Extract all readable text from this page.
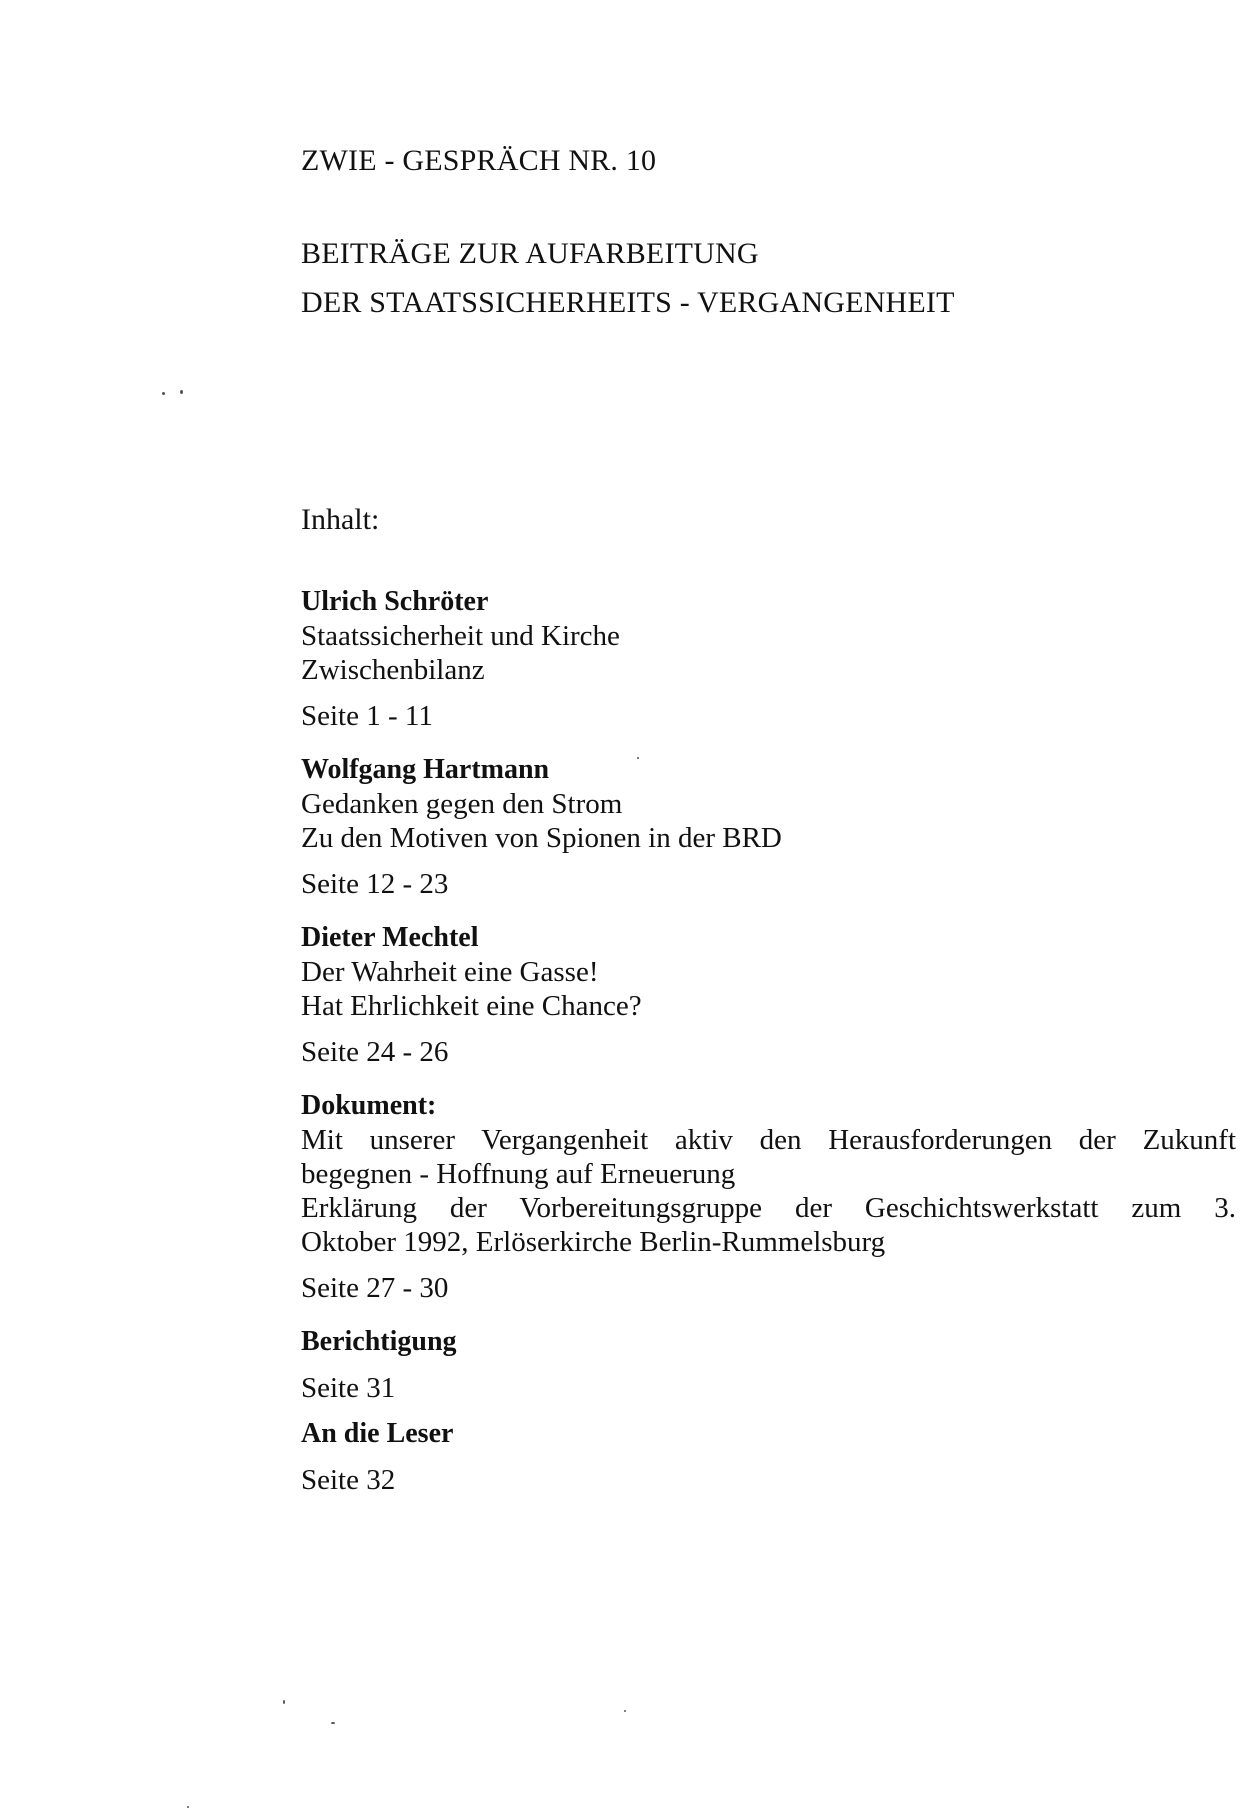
ZWIE - GESPRÄCH NR. 10
BEITRÄGE ZUR AUFARBEITUNG
DER STAATSSICHERHEITS - VERGANGENHEIT
Inhalt:
Ulrich Schröter
Staatssicherheit und Kirche
Zwischenbilanz
Seite 1 - 11
Wolfgang Hartmann
Gedanken gegen den Strom
Zu den Motiven von Spionen in der BRD
Seite 12 - 23
Dieter Mechtel
Der Wahrheit eine Gasse!
Hat Ehrlichkeit eine Chance?
Seite 24 - 26
Dokument:
Mit unserer Vergangenheit aktiv den Herausforderungen der Zukunft
begegnen - Hoffnung auf Erneuerung
Erklärung der Vorbereitungsgruppe der Geschichtswerkstatt zum 3.
Oktober 1992, Erlöserkirche Berlin-Rummelsburg
Seite 27 - 30
Berichtigung
Seite 31
An die Leser
Seite 32
